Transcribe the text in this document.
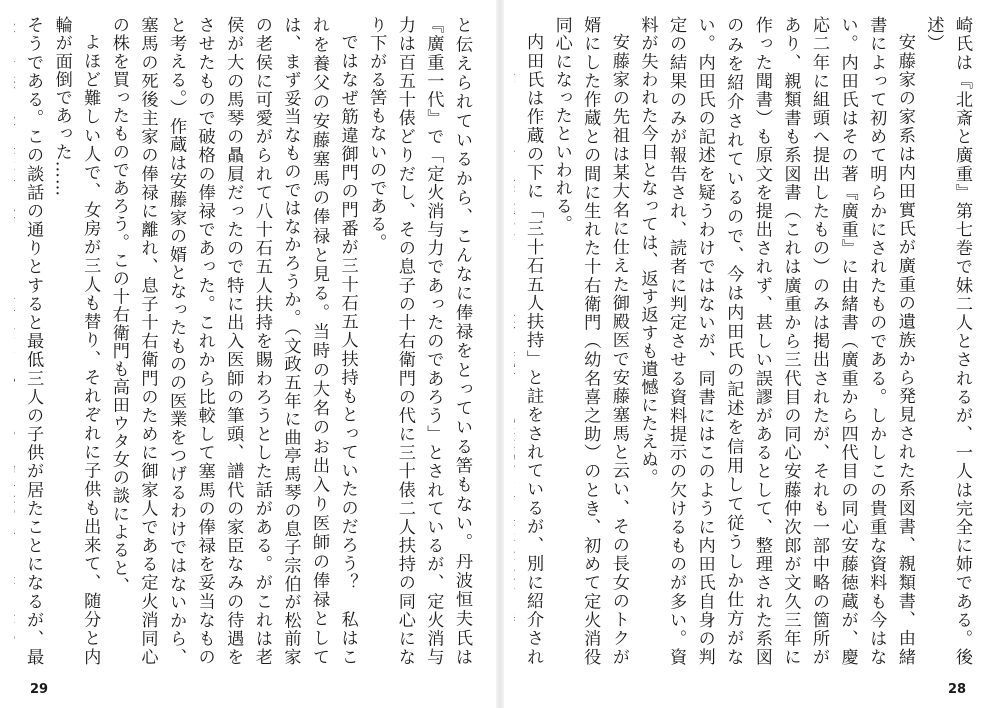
と伝えられているから、こんなに俸禄をとっている筈もない。丹波恒夫氏は『廣重一代』で「定火消与力であったのであろう」とされているが、定火消与力は百五十俵どりだし、その息子の十右衛門の代に三十俵二人扶持の同心になり下がる筈もないのである。
ではなぜ筋違御門の門番が三十石五人扶持もとっていたのだろう？　私はこれを養父の安藤塞馬の俸禄と見る。当時の大名のお出入り医師の俸禄としては、まず妥当なものではなかろうか。（文政五年に曲亭馬琴の息子宗伯が松前家の老侯に可愛がられて八十石五人扶持を賜わろうとした話がある。がこれは老侯が大の馬琴の贔屓だったので特に出入医師の筆頭、譜代の家臣なみの待遇をさせたもので破格の俸禄であった。これから比較して塞馬の俸禄を妥当なものと考える。）作蔵は安藤家の婿となったものの医業をつげるわけではないから、塞馬の死後主家の俸禄に離れ、息子十右衛門のために御家人である定火消同心の株を買ったものであろう。この十右衛門も高田ウタ女の談によると、
よほど難しい人で、女房が三人も替り、それぞれに子供も出来て、随分と内輪が面倒であった……
そうである。この談話の通りとすると最低三人の子供が居たことになるが、最
29
崎氏は『北斎と廣重』第七巻で妹二人とされるが、一人は完全に姉である。後述）
安藤家の家系は内田實氏が廣重の遺族から発見された系図書、親類書、由緒書によって初めて明らかにされたものである。しかしこの貴重な資料も今はない。内田氏はその著『廣重』に由緒書（廣重から四代目の同心安藤徳蔵が、慶応二年に組頭へ提出したもの）のみは掲出されたが、それも一部中略の箇所があり、親類書も系図書（これは廣重から三代目の同心安藤仲次郎が文久三年に作った聞書）も原文を提出されず、甚しい誤謬があるとして、整理された系図のみを紹介されているので、今は内田氏の記述を信用して従うしか仕方がない。内田氏の記述を疑うわけではないが、同書にはこのように内田氏自身の判定の結果のみが報告され、読者に判定させる資料提示の欠けるものが多い。資料が失われた今日となっては、返す返すも遺憾にたえぬ。
安藤家の先祖は某大名に仕えた御殿医で安藤塞馬と云い、その長女のトクが婿にした作蔵との間に生れた十右衛門（幼名喜之助）のとき、初めて定火消役同心になったといわれる。
内田氏は作蔵の下に「三十石五人扶持」と註をされているが、別に紹介され
28
